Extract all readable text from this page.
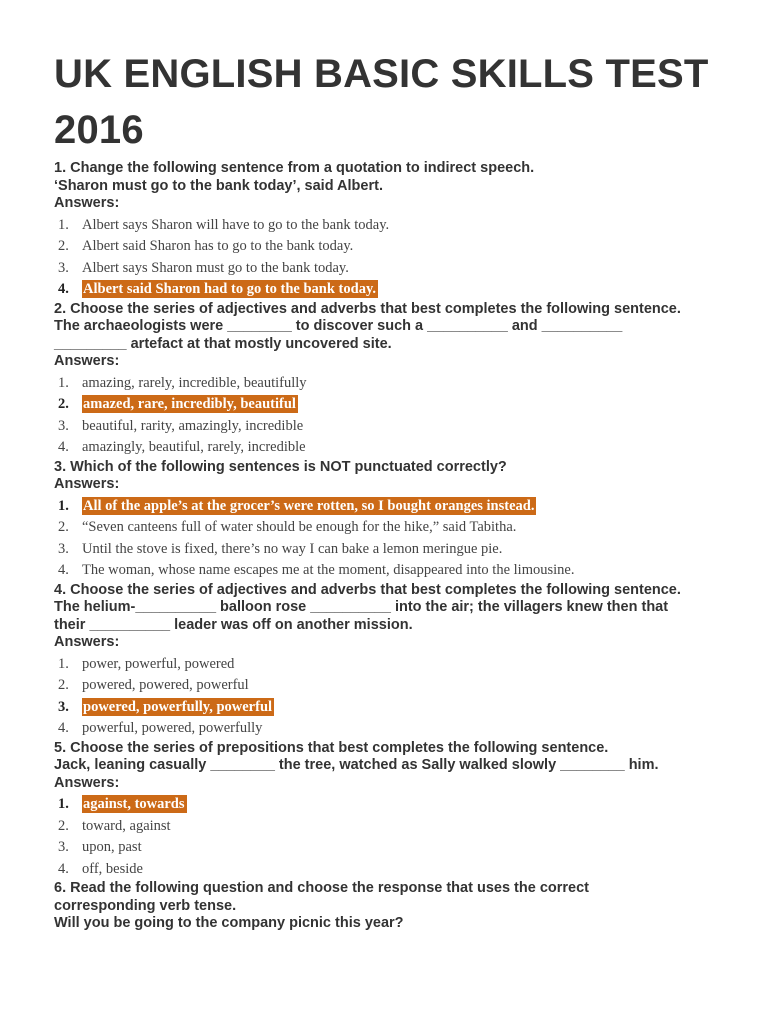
UK ENGLISH BASIC SKILLS TEST 2016
1. Change the following sentence from a quotation to indirect speech.
‘Sharon must go to the bank today’, said Albert.
Answers:
1. Albert says Sharon will have to go to the bank today.
2. Albert said Sharon has to go to the bank today.
3. Albert says Sharon must go to the bank today.
4. Albert said Sharon had to go to the bank today.
2. Choose the series of adjectives and adverbs that best completes the following sentence.
The archaeologists were ________ to discover such a __________ and __________
_________ artefact at that mostly uncovered site.
Answers:
1. amazing, rarely, incredible, beautifully
2. amazed, rare, incredibly, beautiful
3. beautiful, rarity, amazingly, incredible
4. amazingly, beautiful, rarely, incredible
3. Which of the following sentences is NOT punctuated correctly?
Answers:
1. All of the apple’s at the grocer’s were rotten, so I bought oranges instead.
2. “Seven canteens full of water should be enough for the hike,” said Tabitha.
3. Until the stove is fixed, there’s no way I can bake a lemon meringue pie.
4. The woman, whose name escapes me at the moment, disappeared into the limousine.
4. Choose the series of adjectives and adverbs that best completes the following sentence.
The helium-__________ balloon rose __________ into the air; the villagers knew then that
their __________ leader was off on another mission.
Answers:
1. power, powerful, powered
2. powered, powered, powerful
3. powered, powerfully, powerful
4. powerful, powered, powerfully
5. Choose the series of prepositions that best completes the following sentence.
Jack, leaning casually ________ the tree, watched as Sally walked slowly ________ him.
Answers:
1. against, towards
2. toward, against
3. upon, past
4. off, beside
6. Read the following question and choose the response that uses the correct
corresponding verb tense.
Will you be going to the company picnic this year?
